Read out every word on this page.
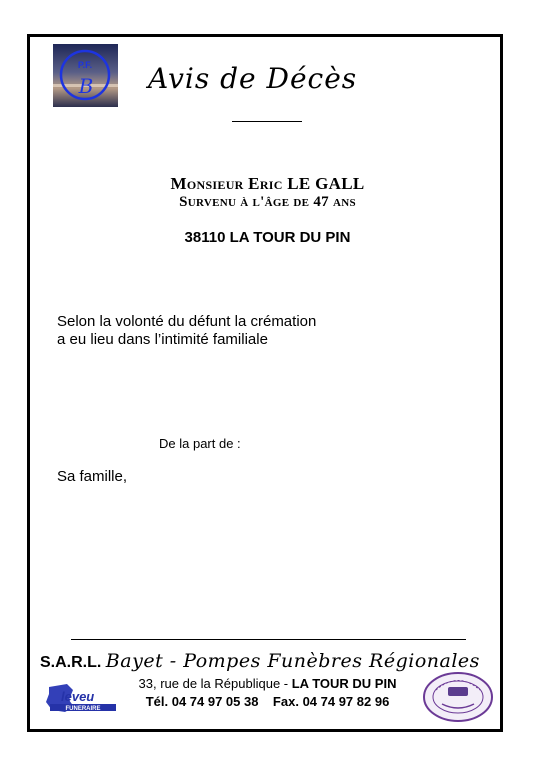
P.F.
B Avis de Décès
Monsieur Eric LE GALL
Survenu à l'âge de 47 ans
38110 LA TOUR DU PIN
Selon la volonté du défunt la crémation
a eu lieu dans l’intimité familiale
De la part de :
Sa famille,
S.A.R.L. Bayet - Pompes Funèbres Régionales
33, rue de la République - LA TOUR DU PIN
Tél. 04 74 97 05 38 Fax. 04 74 97 82 96
leveu
FUNERAIRE
